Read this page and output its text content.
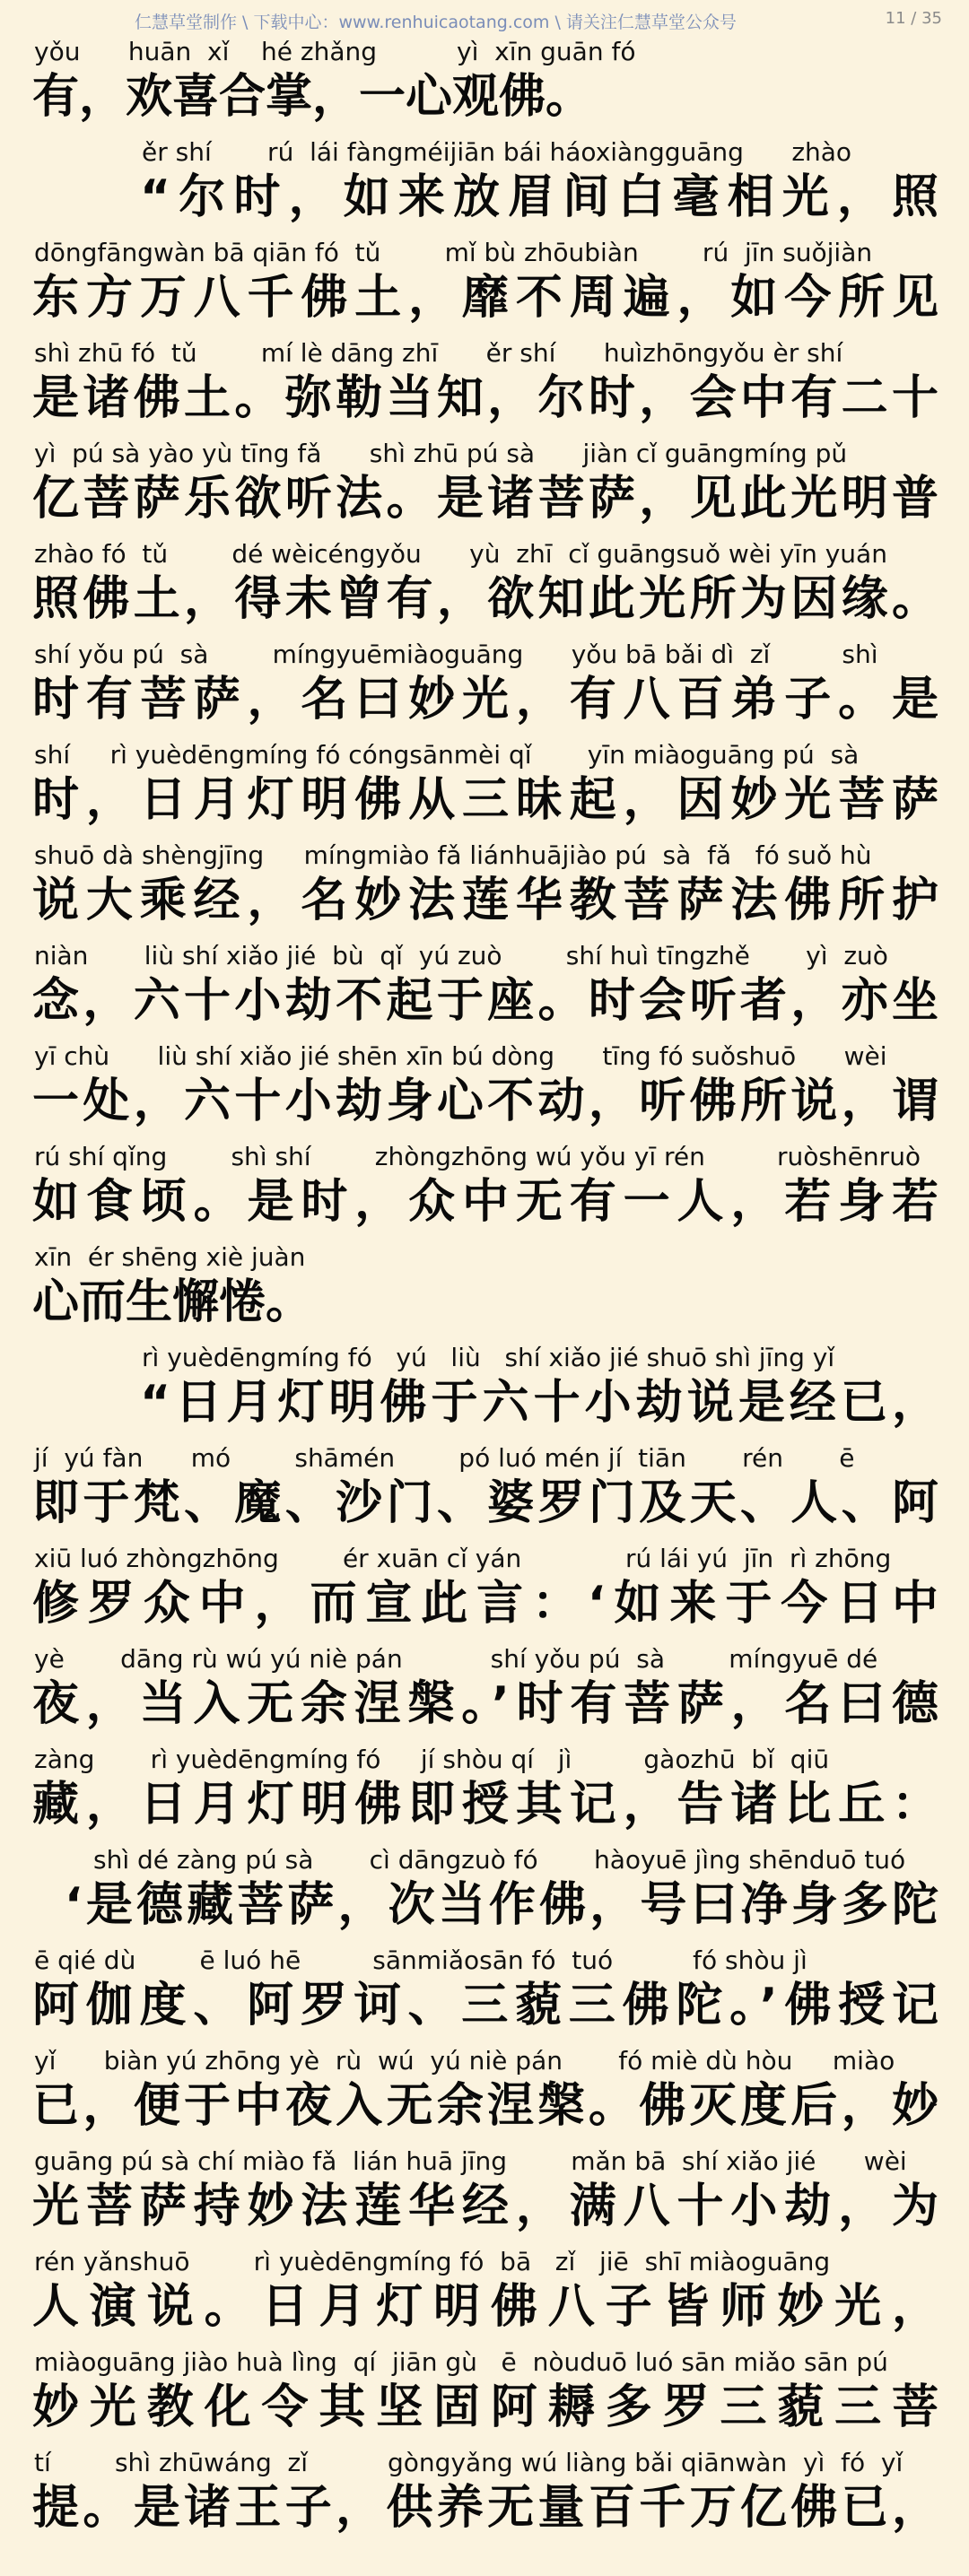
仁慧草堂制作 \ 下载中心：www.renhuicaotang.com \ 请关注仁慧草堂公众号	11 / 35
yǒu      huān  xǐ    hé zhǎng          yì  xīn guān fó
有，欢喜合掌，一心观佛。
ěr shí       rú  lái fàngméijiān bái háoxiàngguāng      zhào
“尔时，如来放眉间白毫相光，照
dōngfāngwàn bā qiān fó  tǔ        mǐ bù zhōubiàn        rú  jīn suǒjiàn
东方万八千佛土，靡不周遍，如今所见
shì zhū fó  tǔ        mí lè dāng zhī      ěr shí      huìzhōngyǒu èr shí
是诸佛土。弥勒当知，尔时，会中有二十
yì  pú sà yào yù tīng fǎ      shì zhū pú sà      jiàn cǐ guāngmíng pǔ
亿菩萨乐欲听法。是诸菩萨，见此光明普
zhào fó  tǔ        dé wèicéngyǒu      yù  zhī  cǐ guāngsuǒ wèi yīn yuán
照佛土，得未曾有，欲知此光所为因缘。
shí yǒu pú  sà        míngyuēmiàoguāng      yǒu bā bǎi dì  zǐ         shì
时有菩萨，名曰妙光，有八百弟子。是
shí     rì yuèdēngmíng fó cóngsānmèi qǐ       yīn miàoguāng pú  sà
时，日月灯明佛从三昧起，因妙光菩萨
shuō dà shèngjīng     míngmiào fǎ liánhuājiào pú  sà  fǎ   fó suǒ hù
说大乘经，名妙法莲华教菩萨法佛所护
niàn       liù shí xiǎo jié  bù  qǐ  yú zuò        shí huì tīngzhě       yì  zuò
念，六十小劫不起于座。时会听者，亦坐
yī chù      liù shí xiǎo jié shēn xīn bú dòng      tīng fó suǒshuō      wèi
一处，六十小劫身心不动，听佛所说，谓
rú shí qǐng        shì shí        zhòngzhōng wú yǒu yī rén         ruòshēnruò
如食顷。是时，众中无有一人，若身若
xīn  ér shēng xiè juàn
心而生懈惓。
rì yuèdēngmíng fó   yú   liù   shí xiǎo jié shuō shì jīng yǐ
“日月灯明佛于六十小劫说是经已，
jí  yú fàn      mó        shāmén        pó luó mén jí  tiān       rén       ē
即于梵、魔、沙门、婆罗门及天、人、阿
xiū luó zhòngzhōng        ér xuān cǐ yán             rú lái yú  jīn  rì zhōng
修罗众中，而宣此言：‘如来于今日中
yè       dāng rù wú yú niè pán           shí yǒu pú  sà        míngyuē dé
夜，当入无余涅槃。’时有菩萨，名曰德
zàng       rì yuèdēngmíng fó     jí shòu qí   jì         gàozhū  bǐ  qiū
藏，日月灯明佛即授其记，告诸比丘：
shì dé zàng pú sà       cì dāngzuò fó       hàoyuē jìng shēnduō tuó
‘是德藏菩萨，次当作佛，号曰净身多陀
ē qié dù        ē luó hē         sānmiǎosān fó  tuó          fó shòu jì
阿伽度、阿罗诃、三藐三佛陀。’佛授记
yǐ      biàn yú zhōng yè  rù  wú  yú niè pán       fó miè dù hòu     miào
已，便于中夜入无余涅槃。佛灭度后，妙
guāng pú sà chí miào fǎ  lián huā jīng        mǎn bā  shí xiǎo jié      wèi
光菩萨持妙法莲华经，满八十小劫，为
rén yǎnshuō        rì yuèdēngmíng fó  bā   zǐ   jiē  shī miàoguāng
人演说。日月灯明佛八子皆师妙光，
miàoguāng jiào huà lìng  qí  jiān gù   ē  nòuduō luó sān miǎo sān pú
妙光教化令其坚固阿耨多罗三藐三菩
tí        shì zhūwáng  zǐ          gòngyǎng wú liàng bǎi qiānwàn  yì  fó  yǐ
提。是诸王子，供养无量百千万亿佛已，
